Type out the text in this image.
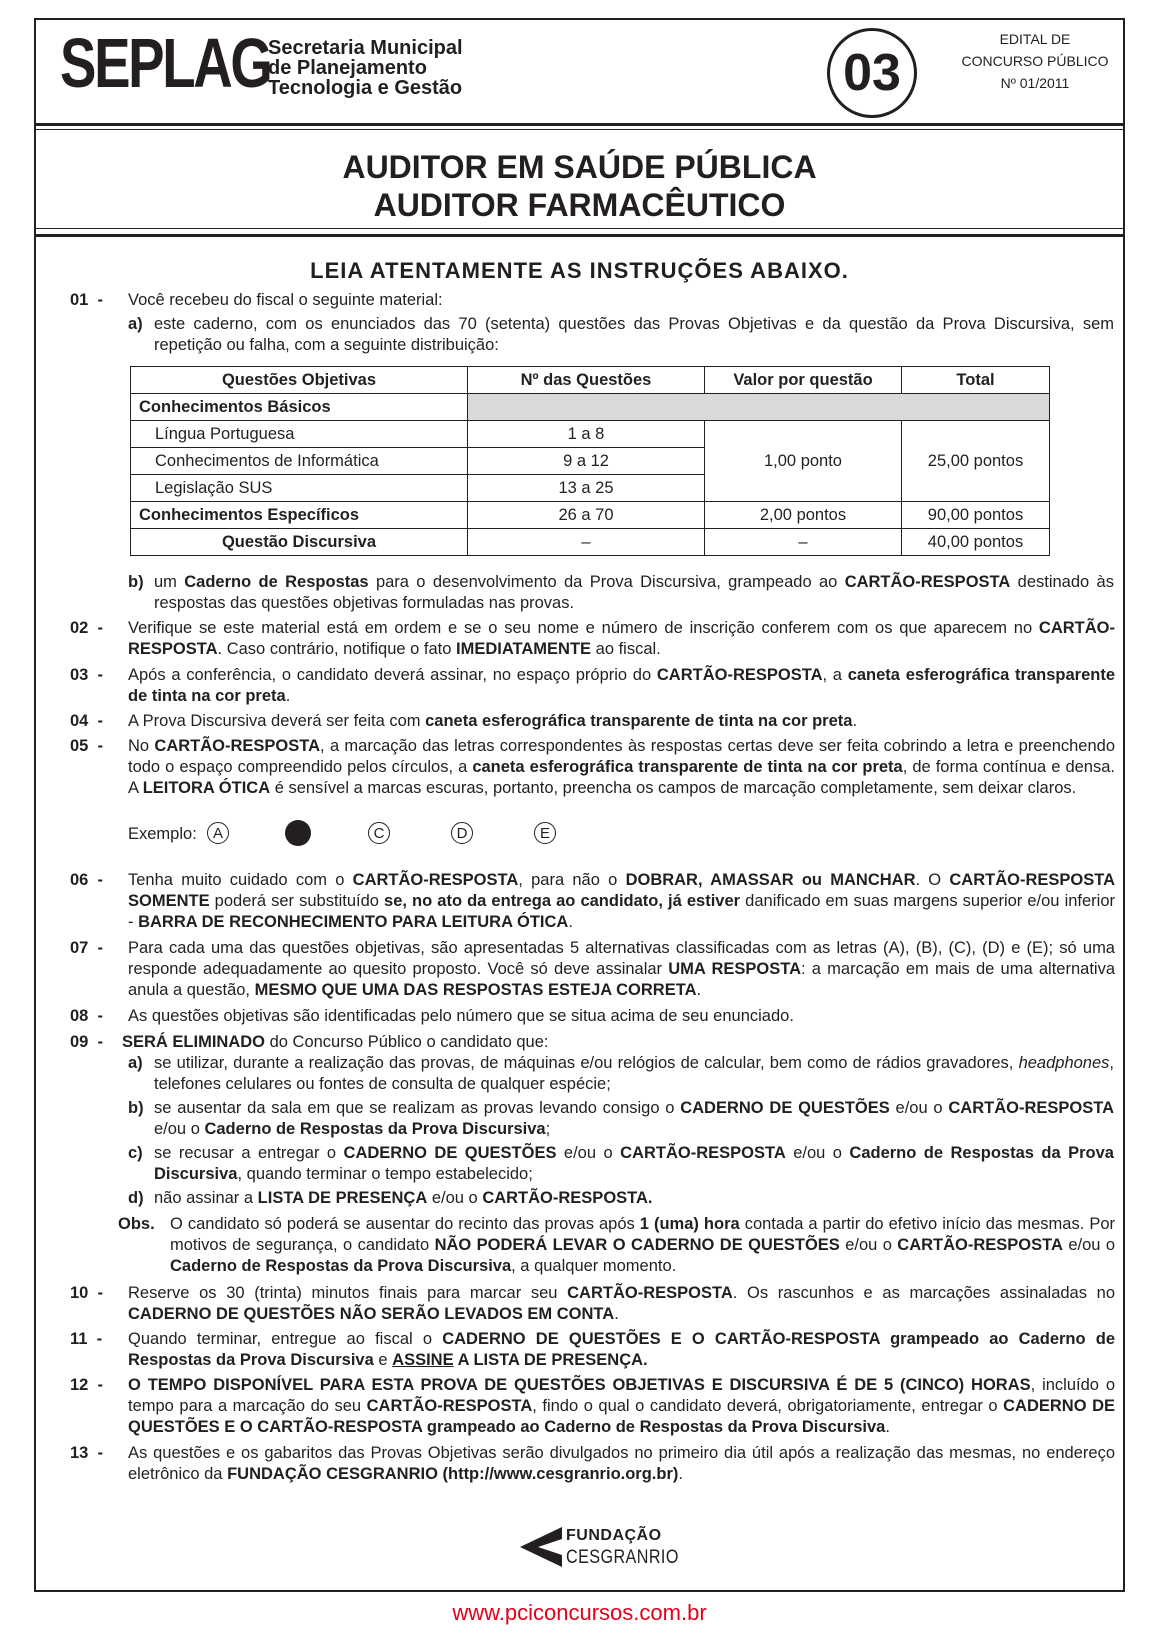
SEPLAG
Secretaria Municipal
de Planejamento
Tecnologia e Gestão	03
EDITAL DE
CONCURSO PÚBLICO
Nº 01/2011
AUDITOR EM SAÚDE PÚBLICA
AUDITOR FARMACÊUTICO
LEIA ATENTAMENTE AS INSTRUÇÕES ABAIXO.
01  -	Você recebeu do fiscal o seguinte material:
a) este caderno, com os enunciados das 70 (setenta) questões das Provas Objetivas e da questão da Prova Discursiva, sem repetição ou falha, com a seguinte distribuição:
b) um Caderno de Respostas para o desenvolvimento da Prova Discursiva, grampeado ao CARTÃO-RESPOSTA destinado às respostas das questões objetivas formuladas nas provas.
02  -	Verifique se este material está em ordem e se o seu nome e número de inscrição conferem com os que aparecem no CARTÃO-RESPOSTA. Caso contrário, notifique o fato IMEDIATAMENTE ao fiscal.
03  -	Após a conferência, o candidato deverá assinar, no espaço próprio do CARTÃO-RESPOSTA, a caneta esferográfica transparente de tinta na cor preta.
04  -	A Prova Discursiva deverá ser feita com caneta esferográfica transparente de tinta na cor preta.
05  -	No CARTÃO-RESPOSTA, a marcação das letras correspondentes às respostas certas deve ser feita cobrindo a letra e preenchendo todo o espaço compreendido pelos círculos, a caneta esferográfica transparente de tinta na cor preta, de forma contínua e densa. A LEITORA ÓTICA é sensível a marcas escuras, portanto, preencha os campos de marcação completamente, sem deixar claros.
Exemplo:	A	C	D	E
06  -	Tenha muito cuidado com o CARTÃO-RESPOSTA, para não o DOBRAR, AMASSAR ou MANCHAR. O CARTÃO-RESPOSTA SOMENTE poderá ser substituído se, no ato da entrega ao candidato, já estiver danificado em suas margens superior e/ou inferior - BARRA DE RECONHECIMENTO PARA LEITURA ÓTICA.
07  -	Para cada uma das questões objetivas, são apresentadas 5 alternativas classificadas com as letras (A), (B), (C), (D) e (E); só uma responde adequadamente ao quesito proposto. Você só deve assinalar UMA RESPOSTA: a marcação em mais de uma alternativa anula a questão, MESMO QUE UMA DAS RESPOSTAS ESTEJA CORRETA.
08  -	As questões objetivas são identificadas pelo número que se situa acima de seu enunciado.
09  -	SERÁ ELIMINADO do Concurso Público o candidato que:
a) se utilizar, durante a realização das provas, de máquinas e/ou relógios de calcular, bem como de rádios gravadores, headphones, telefones celulares ou fontes de consulta de qualquer espécie;
b) se ausentar da sala em que se realizam as provas levando consigo o CADERNO DE QUESTÕES e/ou o CARTÃO-RESPOSTA e/ou o Caderno de Respostas da Prova Discursiva;
c) se recusar a entregar o CADERNO DE QUESTÕES e/ou o CARTÃO-RESPOSTA e/ou o Caderno de Respostas da Prova Discursiva, quando terminar o tempo estabelecido;
d) não assinar a LISTA DE PRESENÇA e/ou o CARTÃO-RESPOSTA.
Obs. O candidato só poderá se ausentar do recinto das provas após 1 (uma) hora contada a partir do efetivo início das mesmas. Por motivos de segurança, o candidato NÃO PODERÁ LEVAR O CADERNO DE QUESTÕES e/ou o CARTÃO-RESPOSTA e/ou o Caderno de Respostas da Prova Discursiva, a qualquer momento.
10  -	Reserve os 30 (trinta) minutos finais para marcar seu CARTÃO-RESPOSTA. Os rascunhos e as marcações assinaladas no CADERNO DE QUESTÕES NÃO SERÃO LEVADOS EM CONTA.
11  -	Quando terminar, entregue ao fiscal o CADERNO DE QUESTÕES E O CARTÃO-RESPOSTA grampeado ao Caderno de Respostas da Prova Discursiva e ASSINE A LISTA DE PRESENÇA.
12  -	O TEMPO DISPONÍVEL PARA ESTA PROVA DE QUESTÕES OBJETIVAS E DISCURSIVA É DE 5 (CINCO) HORAS, incluído o tempo para a marcação do seu CARTÃO-RESPOSTA, findo o qual o candidato deverá, obrigatoriamente, entregar o CADERNO DE QUESTÕES E O CARTÃO-RESPOSTA grampeado ao Caderno de Respostas da Prova Discursiva.
13  -	As questões e os gabaritos das Provas Objetivas serão divulgados no primeiro dia útil após a realização das mesmas, no endereço eletrônico da FUNDAÇÃO CESGRANRIO (http://www.cesgranrio.org.br).
Questões Objetivas	Nº das Questões	Valor por questão	Total
Conhecimentos Básicos			
Língua Portuguesa	1 a 8	1,00 ponto	25,00 pontos
Conhecimentos de Informática	9 a 12		
Legislação SUS	13 a 25		
Conhecimentos Específicos	26 a 70	2,00 pontos	90,00 pontos
Questão Discursiva	–	–	40,00 pontos
FUNDAÇÃO
CESGRANRIO
www.pciconcursos.com.br
